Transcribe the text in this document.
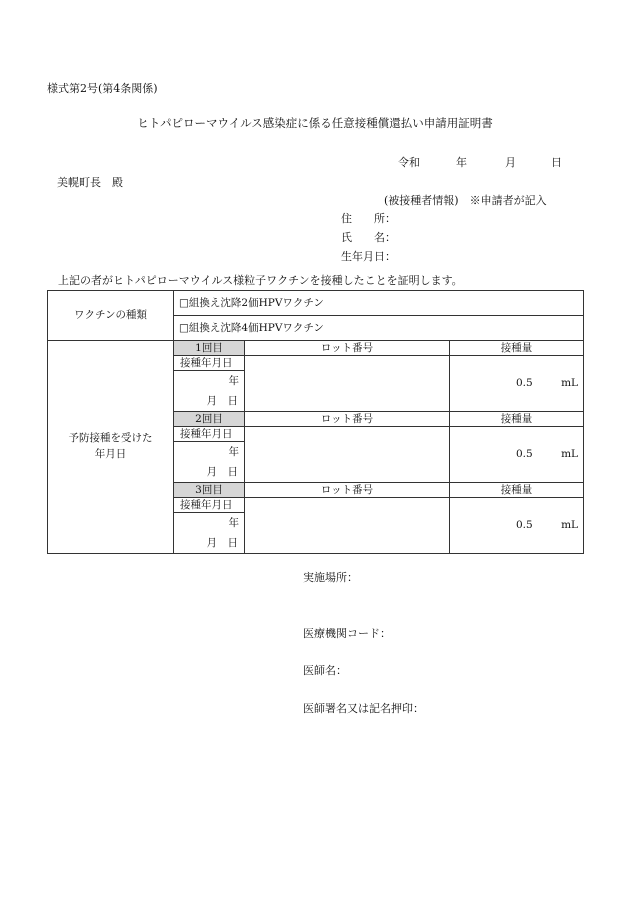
様式第2号(第4条関係)
ヒトパピローマウイルス感染症に係る任意接種償還払い申請用証明書
令和	年	月	日
美幌町長　殿
(被接種者情報)　※申請者が記入
住　　所：
氏　　名：
生年月日：
上記の者がヒトパピローマウイルス様粒子ワクチンを接種したことを証明します。
ワクチンの種類	□組換え沈降2価HPVワクチン		
	□組換え沈降4価HPVワクチン		

予防接種を受けた年月日	1回目	ロット番号	接種量
	接種年月日		0.5 mL

	年
月　日		

	2回目	ロット番号	接種量
	接種年月日		0.5 mL

	年
月　日		

	3回目	ロット番号	接種量
	接種年月日		0.5 mL

	年
月　日		
実施場所：
医療機関コード：
医師名：
医師署名又は記名押印：
